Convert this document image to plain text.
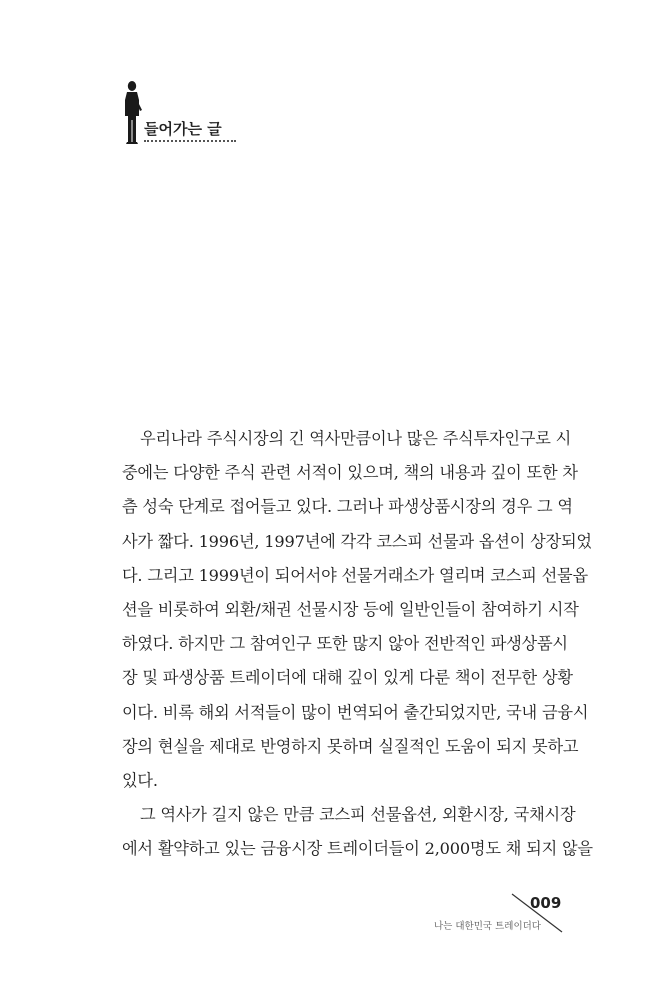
들어가는 글
우리나라 주식시장의 긴 역사만큼이나 많은 주식투자인구로 시
중에는 다양한 주식 관련 서적이 있으며, 책의 내용과 깊이 또한 차
츰 성숙 단계로 접어들고 있다. 그러나 파생상품시장의 경우 그 역
사가 짧다. 1996년, 1997년에 각각 코스피 선물과 옵션이 상장되었
다. 그리고 1999년이 되어서야 선물거래소가 열리며 코스피 선물옵
션을 비롯하여 외환/채권 선물시장 등에 일반인들이 참여하기 시작
하였다. 하지만 그 참여인구 또한 많지 않아 전반적인 파생상품시
장 및 파생상품 트레이더에 대해 깊이 있게 다룬 책이 전무한 상황
이다. 비록 해외 서적들이 많이 번역되어 출간되었지만, 국내 금융시
장의 현실을 제대로 반영하지 못하며 실질적인 도움이 되지 못하고
있다.
그 역사가 길지 않은 만큼 코스피 선물옵션, 외환시장, 국채시장
에서 활약하고 있는 금융시장 트레이더들이 2,000명도 채 되지 않을
009
나는 대한민국 트레이더다
